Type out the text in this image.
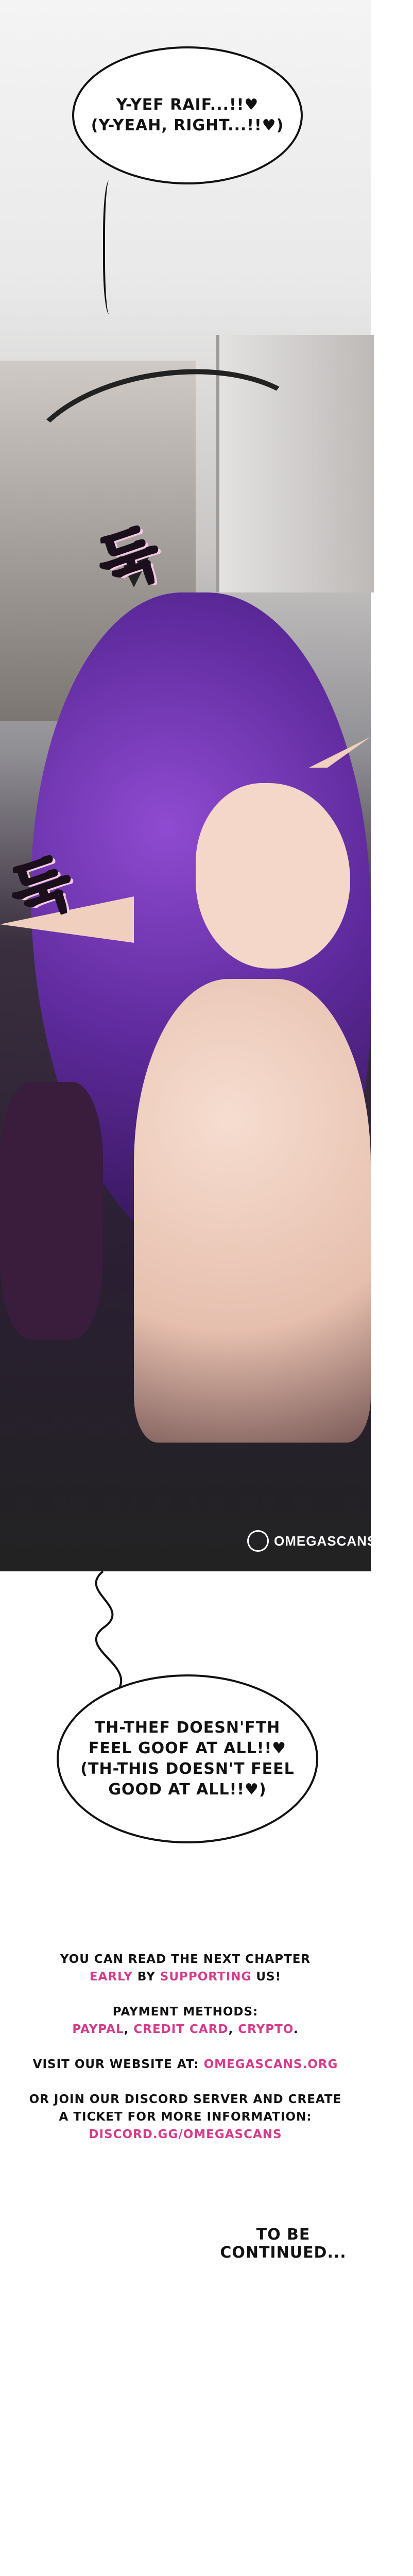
Y-YEF RAIF...!!♥
(Y-YEAH, RIGHT...!!♥)
둑
둑
OMEGASCANS.ORG
TH-THEF DOESN'FTH
FEEL GOOF AT ALL!!♥
(TH-THIS DOESN'T FEEL
GOOD AT ALL!!♥)
YOU CAN READ THE NEXT CHAPTER
EARLY BY SUPPORTING US!
PAYMENT METHODS:
PAYPAL, CREDIT CARD, CRYPTO.
VISIT OUR WEBSITE AT: OMEGASCANS.ORG
OR JOIN OUR DISCORD SERVER AND CREATE
A TICKET FOR MORE INFORMATION:
DISCORD.GG/OMEGASCANS
TO BE CONTINUED...
